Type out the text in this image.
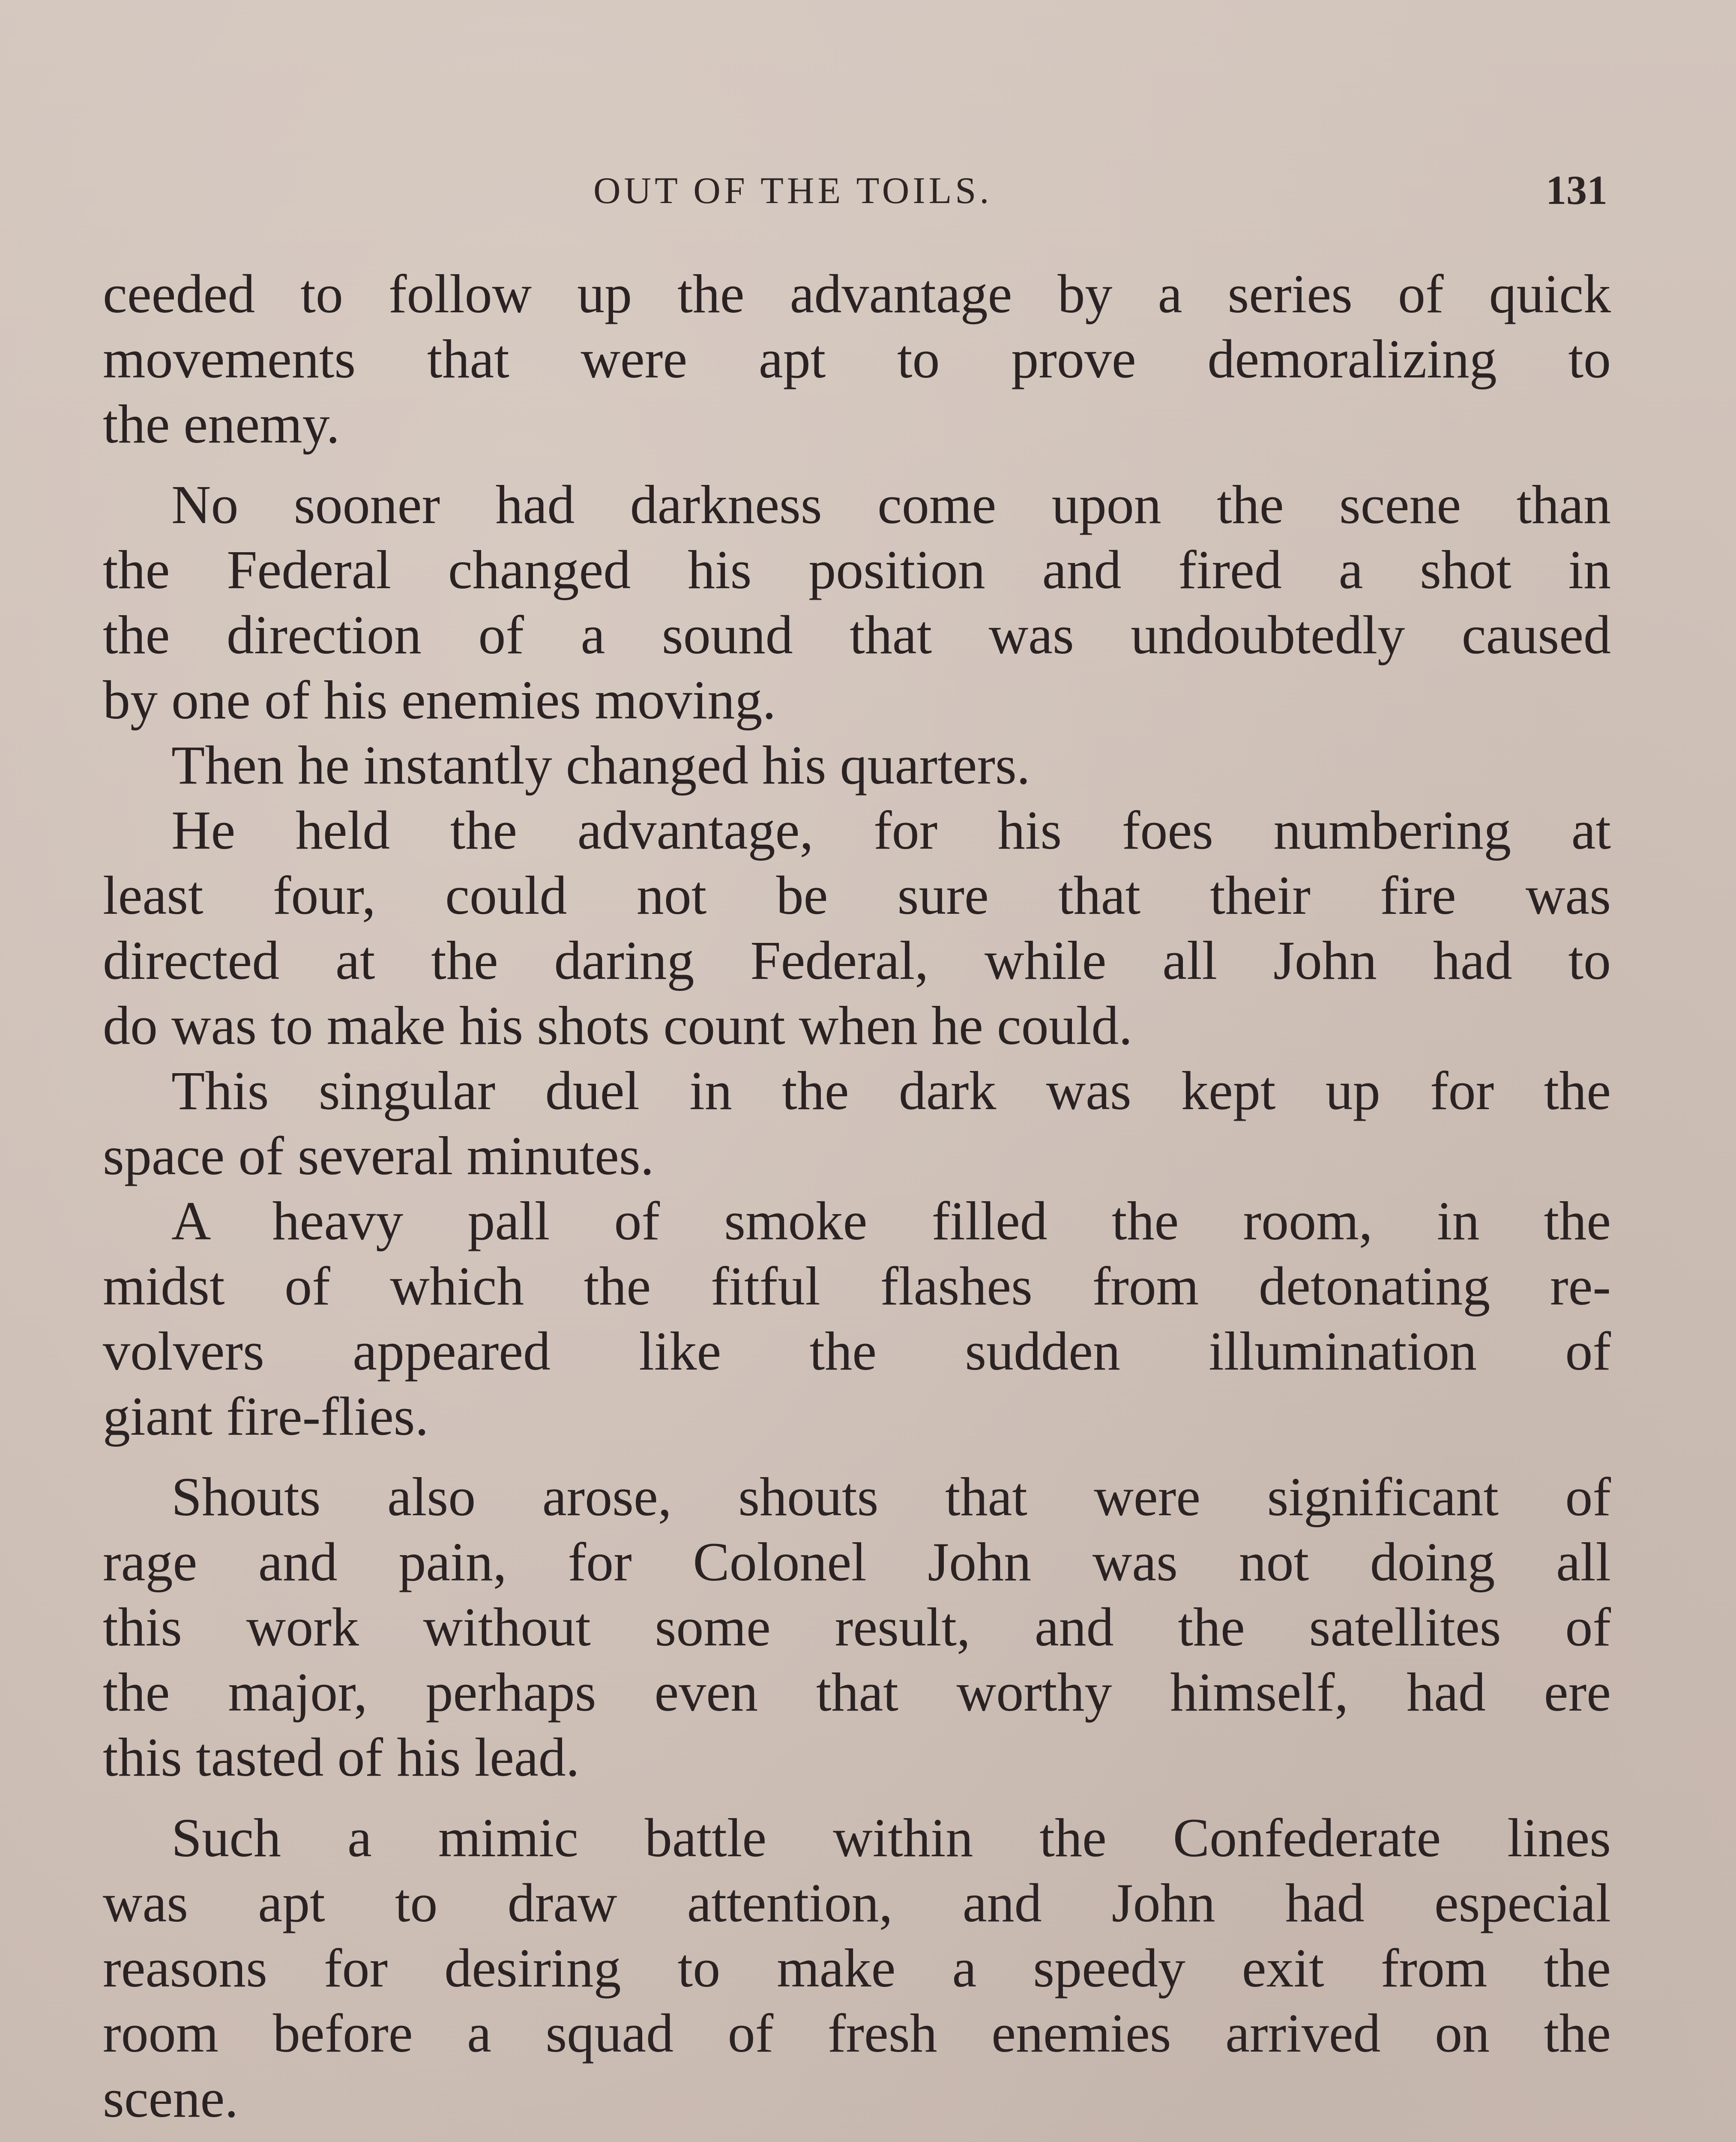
OUT OF THE TOILS.	131
ceeded to follow up the advantage by a series of quick
movements that were apt to prove demoralizing to
the enemy.
No sooner had darkness come upon the scene than
the Federal changed his position and fired a shot in
the direction of a sound that was undoubtedly caused
by one of his enemies moving.
Then he instantly changed his quarters.
He held the advantage, for his foes numbering at
least four, could not be sure that their fire was
directed at the daring Federal, while all John had to
do was to make his shots count when he could.
This singular duel in the dark was kept up for the
space of several minutes.
A heavy pall of smoke filled the room, in the
midst of which the fitful flashes from detonating re-
volvers appeared like the sudden illumination of
giant fire-flies.
Shouts also arose, shouts that were significant of
rage and pain, for Colonel John was not doing all
this work without some result, and the satellites of
the major, perhaps even that worthy himself, had ere
this tasted of his lead.
Such a mimic battle within the Confederate lines
was apt to draw attention, and John had especial
reasons for desiring to make a speedy exit from the
room before a squad of fresh enemies arrived on the
scene.
